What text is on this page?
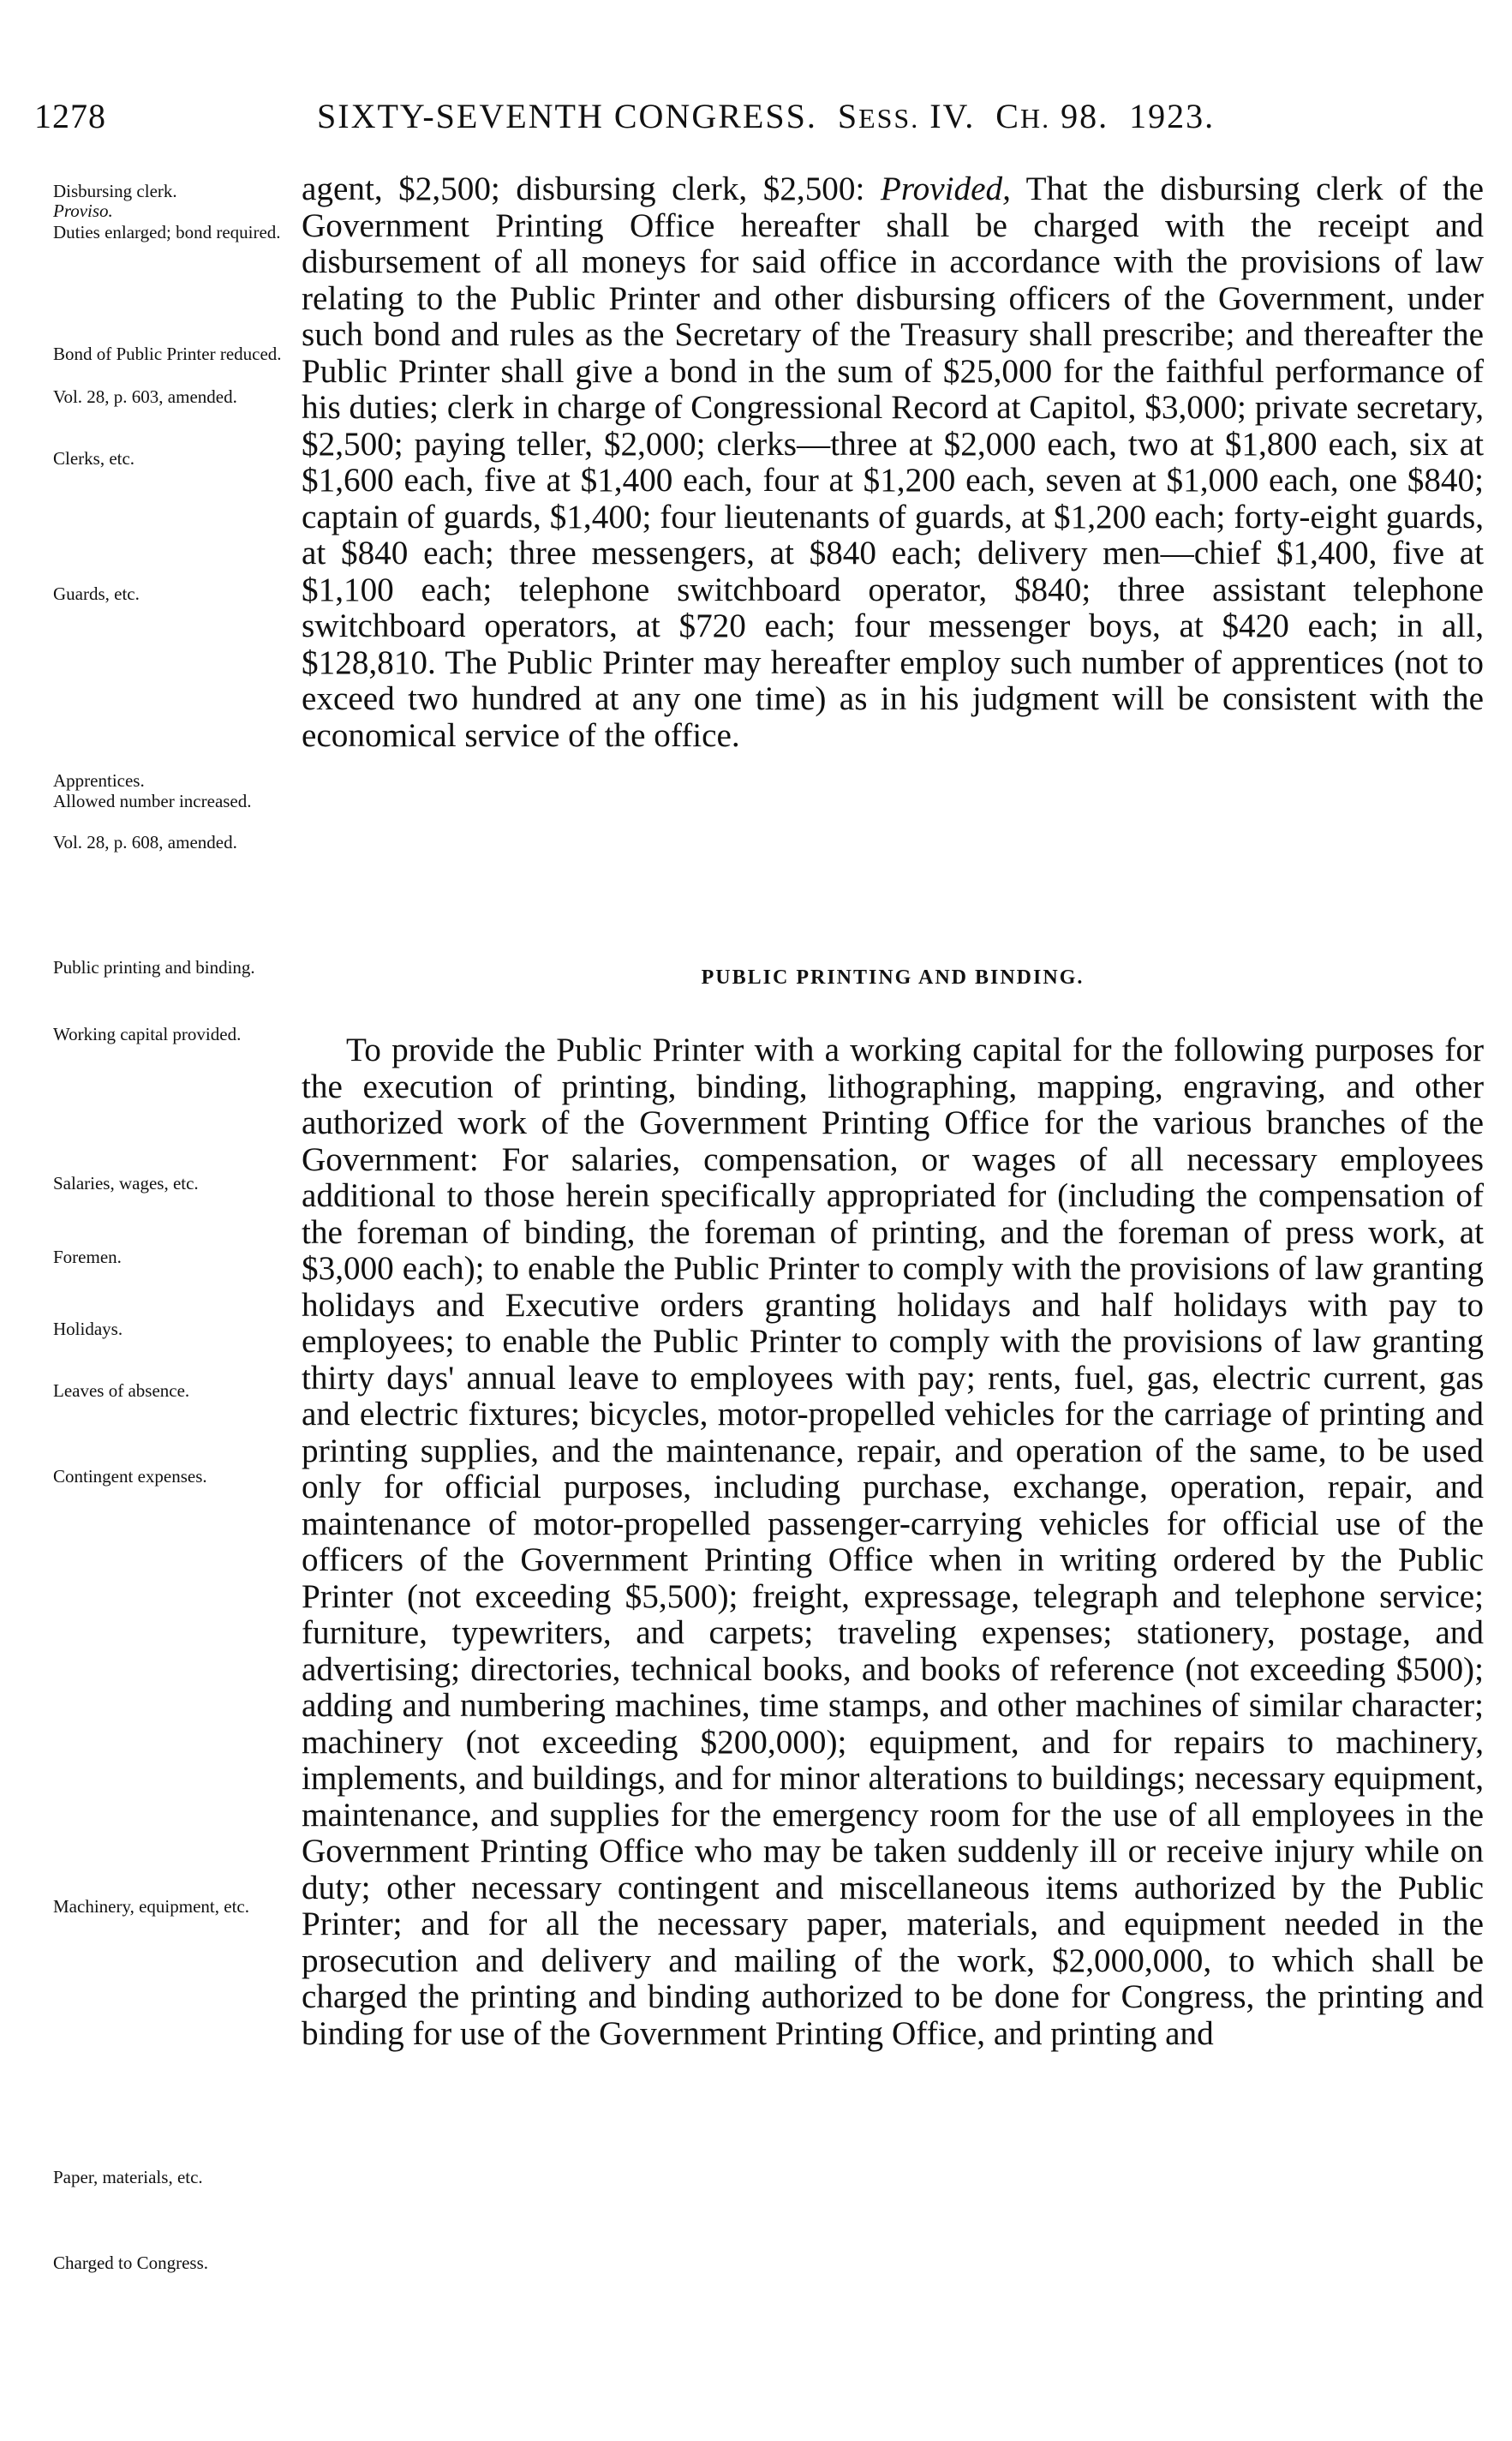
1278	SIXTY-SEVENTH CONGRESS. SESS. IV. CH. 98. 1923.
Disbursing clerk.
Proviso.
Duties enlarged; bond required.
Bond of Public Printer reduced.
Vol. 28, p. 603, amended.
Clerks, etc.
Guards, etc.
Apprentices.
Allowed number increased.
Vol. 28, p. 608, amended.
Public printing and binding.
Working capital provided.
Salaries, wages, etc.
Foremen.
Holidays.
Leaves of absence.
Contingent expenses.
Machinery, equipment, etc.
Paper, materials, etc.
Charged to Congress.

agent, $2,500; disbursing clerk, $2,500: Provided, That the disbursing clerk of the Government Printing Office hereafter shall be charged with the receipt and disbursement of all moneys for said office in accordance with the provisions of law relating to the Public Printer and other disbursing officers of the Government, under such bond and rules as the Secretary of the Treasury shall prescribe; and thereafter the Public Printer shall give a bond in the sum of $25,000 for the faithful performance of his duties; clerk in charge of Congressional Record at Capitol, $3,000; private secretary, $2,500; paying teller, $2,000; clerks—three at $2,000 each, two at $1,800 each, six at $1,600 each, five at $1,400 each, four at $1,200 each, seven at $1,000 each, one $840; captain of guards, $1,400; four lieutenants of guards, at $1,200 each; forty-eight guards, at $840 each; three messengers, at $840 each; delivery men—chief $1,400, five at $1,100 each; telephone switchboard operator, $840; three assistant telephone switchboard operators, at $720 each; four messenger boys, at $420 each; in all, $128,810. The Public Printer may hereafter employ such number of apprentices (not to exceed two hundred at any one time) as in his judgment will be consistent with the economical service of the office.

PUBLIC PRINTING AND BINDING.

To provide the Public Printer with a working capital for the following purposes for the execution of printing, binding, lithographing, mapping, engraving, and other authorized work of the Government Printing Office for the various branches of the Government: For salaries, compensation, or wages of all necessary employees additional to those herein specifically appropriated for (including the compensation of the foreman of binding, the foreman of printing, and the foreman of press work, at $3,000 each); to enable the Public Printer to comply with the provisions of law granting holidays and Executive orders granting holidays and half holidays with pay to employees; to enable the Public Printer to comply with the provisions of law granting thirty days' annual leave to employees with pay; rents, fuel, gas, electric current, gas and electric fixtures; bicycles, motor-propelled vehicles for the carriage of printing and printing supplies, and the maintenance, repair, and operation of the same, to be used only for official purposes, including purchase, exchange, operation, repair, and maintenance of motor-propelled passenger-carrying vehicles for official use of the officers of the Government Printing Office when in writing ordered by the Public Printer (not exceeding $5,500); freight, expressage, telegraph and telephone service; furniture, typewriters, and carpets; traveling expenses; stationery, postage, and advertising; directories, technical books, and books of reference (not exceeding $500); adding and numbering machines, time stamps, and other machines of similar character; machinery (not exceeding $200,000); equipment, and for repairs to machinery, implements, and buildings, and for minor alterations to buildings; necessary equipment, maintenance, and supplies for the emergency room for the use of all employees in the Government Printing Office who may be taken suddenly ill or receive injury while on duty; other necessary contingent and miscellaneous items authorized by the Public Printer; and for all the necessary paper, materials, and equipment needed in the prosecution and delivery and mailing of the work, $2,000,000, to which shall be charged the printing and binding authorized to be done for Congress, the printing and binding for use of the Government Printing Office, and printing and
